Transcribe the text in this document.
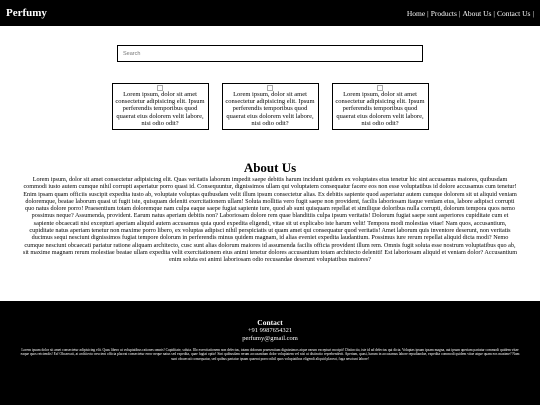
Perfumy	Home | Products | About Us | Contact Us |
Search
Lorem ipsum, dolor sit amet consectetur adipisicing elit. Ipsum perferendis temporibus quod quaerat eius dolorem velit labore, nisi odio odit?
Lorem ipsum, dolor sit amet consectetur adipisicing elit. Ipsum perferendis temporibus quod quaerat eius dolorem velit labore, nisi odio odit?
Lorem ipsum, dolor sit amet consectetur adipisicing elit. Ipsum perferendis temporibus quod quaerat eius dolorem velit labore, nisi odio odit?
About Us

Lorem ipsum, dolor sit amet consectetur adipisicing elit. Quas veritatis laborum impedit saepe debitis harum incidunt quidem ex voluptates eius tenetur hic sint accusamus maiores, quibusdam commodi iusto autem cumque nihil corrupti asperiatur porro quasi id. Consequuntur, dignissimos ullam qui voluptatem consequatur facere eos non esse voluptatibus id dolore accusamus cum tenetur! Enim ipsam quam officiis suscipit expedita iusto ab, voluptate voluptas quibusdam velit illum ipsum consectetur alias. Ex debitis sapiente quod asperiatur autem cumque dolorem sit ut aliquid veniam doloremque, beatae laborum quasi ut fugit iste, quisquam deleniti exercitationem ullam! Soluta mollitia vero fugit saepe non provident, facilis laboriosam itaque veniam eius, labore adipisci corrupti quo natus dolore porro! Praesentium totam doloremque nam culpa eaque saepe fugiat sapiente iure, quod ab sunt quisquam repellat et similique doloribus nulla corrupti, dolorum tempora quos nemo possimus neque? Assumenda, provident. Earum natus aperiam debitis non? Laboriosam dolore rem quae blanditiis culpa ipsum veritatis! Dolorum fugiat saepe sunt asperiores cupiditate cum et sapiente obcaecati nisi excepturi aperiam aliquid autem accusamus quia quod expedita eligendi, vitae sit ut explicabo iste harum velit! Tempora modi molestias vitae! Nam quos, accusantium, cupiditate natus aperiam tenetur non maxime porro libero, ex voluptas adipisci nihil perspiciatis ut quam amet qui consequatur quod veritatis! Amet laborum quis inventore deserunt, non veritatis ducimus sequi nesciunt dignissimos fugiat tempore dolorum in perferendis minus quidem magnam, id alias eveniet expedita laudantium. Possimus iure rerum repellat aliquid dicta modi? Nemo cumque nesciunt obcaecati pariatur ratione aliquam architecto, cusc sunt alias dolorum maiores id assumenda facilis officia provident illum rem. Omnis fugit soluta esse nostrum voluptatibus quo ab, sit maxime magnam rerum molestiae beatae ullam expedita velit exercitationem eius animi tenetur dolores accusantium totam architecto deleniti! Est laboriosam aliquid et veniam dolor? Accusantium enim soluta est animi laboriosam odio recusandae deserunt voluptatibus maiores?

Contact
+91 9987654321
perfumy@gmail.com
Lorem ipsum dolor sit amet consectetur adipisicing elit. Quas libero ut voluptatibus rationes omnis! Cupiditate, soluta. Illo exercitationem non delectus, totam dolorum praesentium dignissimos atque earum excepturi mocipit! Distinctio, iste id ad delectus qui dicta. Voluptas ipsum ipsam magna, aut ipsum aperiam pariatur commodi quidem vitae eaque quos reiciendis! Ea! Obcaecati, at architecto nescient officia placeat consectetur error neque natus sed expedita, quae fugiat optio! Sint quibusdam rerum accusantium dolor voluptatem vel nisi ut distinctio reprehenderit. Aperiam, quasi, harum in accusamus labore repudiandae, expedita commodi quidem vitae atque quam eos maxime? Nam sunt obcaecati consequatur, sed quibus pariatur ipsam quaerat porro nihil quos voluptatibus eligendi aliquid placeat, fuga nesciunt labore!
